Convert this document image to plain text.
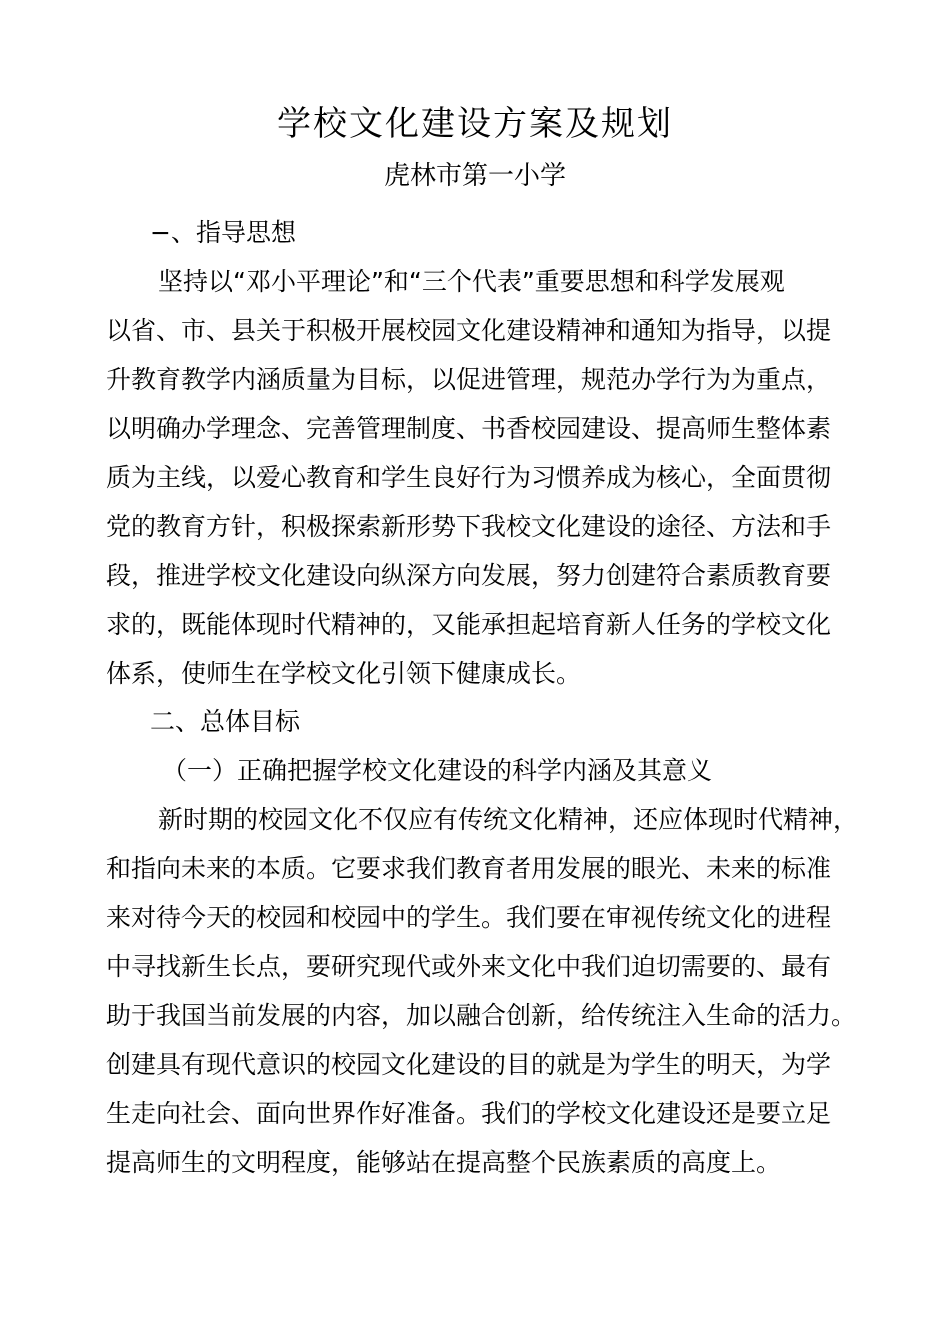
学校文化建设方案及规划
虎林市第一小学
−、指导思想
坚持以“邓小平理论”和“三个代表”重要思想和科学发展观
以省、市、县关于积极开展校园文化建设精神和通知为指导，以提
升教育教学内涵质量为目标，以促进管理，规范办学行为为重点，
以明确办学理念、完善管理制度、书香校园建设、提高师生整体素
质为主线，以爱心教育和学生良好行为习惯养成为核心，全面贯彻
党的教育方针，积极探索新形势下我校文化建设的途径、方法和手
段，推进学校文化建设向纵深方向发展，努力创建符合素质教育要
求的，既能体现时代精神的，又能承担起培育新人任务的学校文化
体系，使师生在学校文化引领下健康成长。
二、总体目标
（一）正确把握学校文化建设的科学内涵及其意义
新时期的校园文化不仅应有传统文化精神，还应体现时代精神，
和指向未来的本质。它要求我们教育者用发展的眼光、未来的标准
来对待今天的校园和校园中的学生。我们要在审视传统文化的进程
中寻找新生长点，要研究现代或外来文化中我们迫切需要的、最有
助于我国当前发展的内容，加以融合创新，给传统注入生命的活力。
创建具有现代意识的校园文化建设的目的就是为学生的明天，为学
生走向社会、面向世界作好准备。我们的学校文化建设还是要立足
提高师生的文明程度，能够站在提高整个民族素质的高度上。
